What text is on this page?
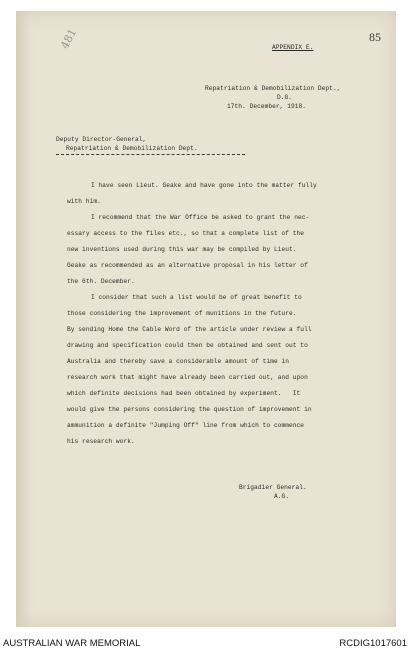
85
481	APPENDIX E.
Repatriation & Demobilization Dept.,
D.G.
17th. December, 1918.
Deputy Director-General,
Repatriation & Demobilization Dept.
I have seen Lieut. Geake and have gone into the matter fully
with him.
I recommend that the War Office be asked to grant the nec-
essary access to the files etc., so that a complete list of the
new inventions used during this war may be compiled by Lieut.
Geake as recommended as an alternative proposal in his letter of
the 6th. December.
I consider that such a list would be of great benefit to
those considering the improvement of munitions in the future.
By sending Home the Cable Word of the article under review a full
drawing and specification could then be obtained and sent out to
Australia and thereby save a considerable amount of time in
research work that might have already been carried out, and upon
which definite decisions had been obtained by experiment.   It
would give the persons considering the question of improvement in
ammunition a definite "Jumping Off" line from which to commence
his research work.
Brigadier General.
A.G.
AUSTRALIAN WAR MEMORIAL	RCDIG1017601
